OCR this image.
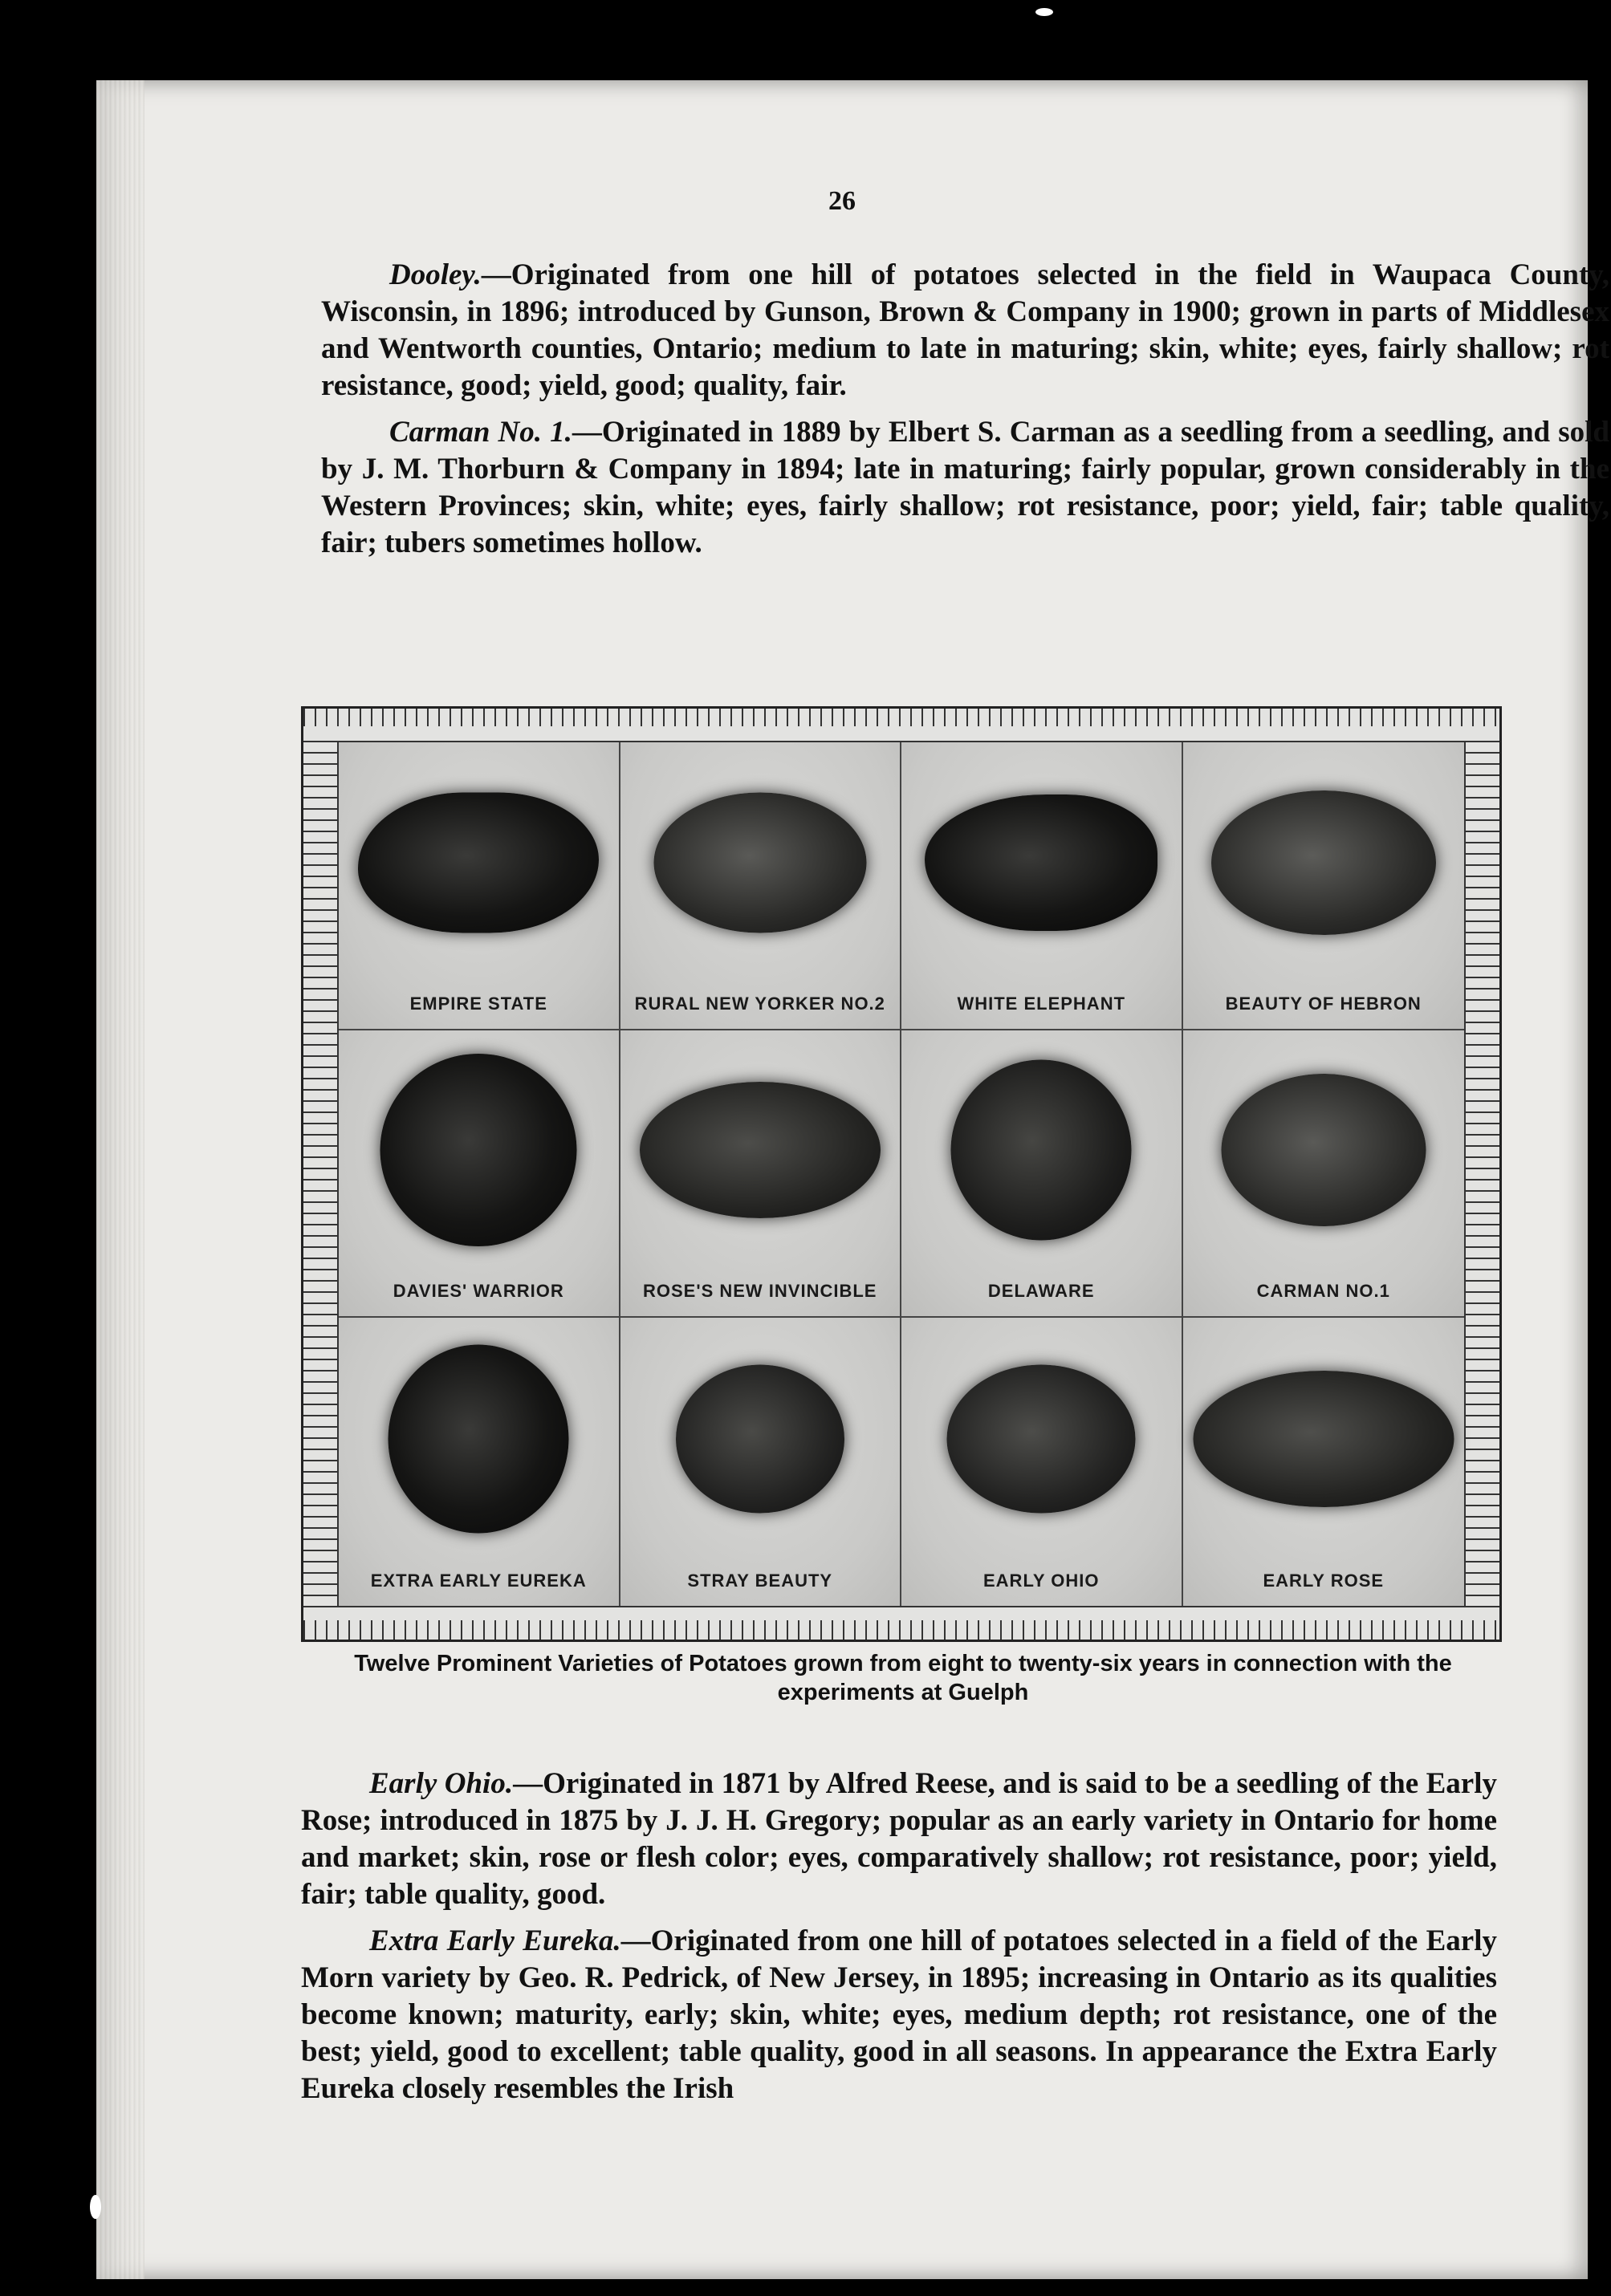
26

Dooley.—Originated from one hill of potatoes selected in the field in Waupaca County, Wisconsin, in 1896; introduced by Gunson, Brown & Company in 1900; grown in parts of Middlesex and Wentworth counties, Ontario; medium to late in maturing; skin, white; eyes, fairly shallow; rot resistance, good; yield, good; quality, fair.

Carman No. 1.—Originated in 1889 by Elbert S. Carman as a seedling from a seedling, and sold by J. M. Thorburn & Company in 1894; late in maturing; fairly popular, grown considerably in the Western Provinces; skin, white; eyes, fairly shallow; rot resistance, poor; yield, fair; table quality, fair; tubers sometimes hollow.

EMPIRE STATE	RURAL NEW YORKER NO.2	WHITE ELEPHANT	BEAUTY OF HEBRON
DAVIES' WARRIOR	ROSE'S NEW INVINCIBLE	DELAWARE	CARMAN NO.1
EXTRA EARLY EUREKA	STRAY BEAUTY	EARLY OHIO	EARLY ROSE
Twelve Prominent Varieties of Potatoes grown from eight to twenty-six years in connection with the experiments at Guelph

Early Ohio.—Originated in 1871 by Alfred Reese, and is said to be a seedling of the Early Rose; introduced in 1875 by J. J. H. Gregory; popular as an early variety in Ontario for home and market; skin, rose or flesh color; eyes, comparatively shallow; rot resistance, poor; yield, fair; table quality, good.

Extra Early Eureka.—Originated from one hill of potatoes selected in a field of the Early Morn variety by Geo. R. Pedrick, of New Jersey, in 1895; increasing in Ontario as its qualities become known; maturity, early; skin, white; eyes, medium depth; rot resistance, one of the best; yield, good to excellent; table quality, good in all seasons. In appearance the Extra Early Eureka closely resembles the Irish
